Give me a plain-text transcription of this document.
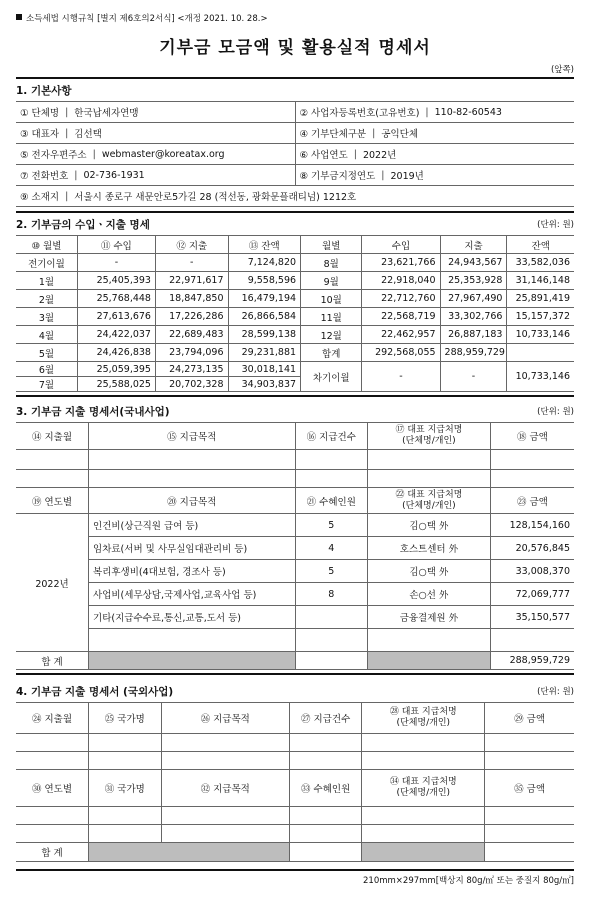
소득세법 시행규칙 [별지 제6호의2서식] <개정 2021. 10. 28.>
기부금 모금액 및 활용실적 명세서
(앞쪽)
1. 기본사항
① 단체명 | 한국납세자연맹	② 사업자등록번호(고유번호) | 110-82-60543

③ 대표자 | 김선택	④ 기부단체구분 | 공익단체

⑤ 전자우편주소 | webmaster@koreatax.org	⑥ 사업연도 | 2022년

⑦ 전화번호 | 02-736-1931	⑧ 기부금지정연도 | 2019년

⑨ 소재지 | 서울시 종로구 새문안로5가길 28 (적선동, 광화문플래티넘) 1212호	
2. 기부금의 수입ㆍ지출 명세	(단위: 원)
⑩ 월별	⑪ 수입	⑫ 지출	⑬ 잔액	월별	수입	지출	잔액
전기이월	-	-	7,124,820	8월	23,621,766	24,943,567	33,582,036
1월	25,405,393	22,971,617	9,558,596	9월	22,918,040	25,353,928	31,146,148
2월	25,768,448	18,847,850	16,479,194	10월	22,712,760	27,967,490	25,891,419
3월	27,613,676	17,226,286	26,866,584	11월	22,568,719	33,302,766	15,157,372
4월	24,422,037	22,689,483	28,599,138	12월	22,462,957	26,887,183	10,733,146
5월	24,426,838	23,794,096	29,231,881	합계	292,568,055	288,959,729	
6월	25,059,395	24,273,135	30,018,141	차기이월	-	-	10,733,146
7월	25,588,025	20,702,328	34,903,837				
3. 기부금 지출 명세서(국내사업)	(단위: 원)
⑭ 지출월	⑮ 지급목적	⑯ 지급건수	⑰ 대표 지급처명
(단체명/개인)	⑱ 금액

⑲ 연도별	⑳ 지급목적	㉑ 수혜인원	㉒ 대표 지급처명
(단체명/개인)	㉓ 금액
2022년	인건비(상근직원 급여 등)	5	김○택 外	128,154,160
	임차료(서버 및 사무실임대관리비 등)	4	호스트센터 外	20,576,845
	복리후생비(4대보험, 경조사 등)	5	김○택 外	33,008,370
	사업비(세무상담,국제사업,교육사업 등)	8	손○선 外	72,069,777
	기타(지급수수료,통신,교통,도서 등)		금융결제원 外	35,150,577

합 계				288,959,729
4. 기부금 지출 명세서 (국외사업)	(단위: 원)
㉔ 지출월	㉕ 국가명	㉖ 지급목적	㉗ 지급건수	㉘ 대표 지급처명
(단체명/개인)	㉙ 금액

㉚ 연도별	㉛ 국가명	㉜ 지급목적	㉝ 수혜인원	㉞ 대표 지급처명
(단체명/개인)	㉟ 금액

합 계					
210mm×297mm[백상지 80g/㎡ 또는 중질지 80g/㎡]
